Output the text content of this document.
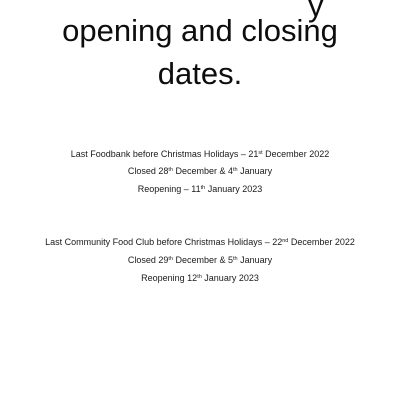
y
opening and closing
dates.
Last Foodbank before Christmas Holidays – 21st December 2022
Closed 28th December & 4th January
Reopening – 11th January 2023
Last Community Food Club before Christmas Holidays – 22nd December 2022
Closed 29th December & 5th January
Reopening 12th January 2023
